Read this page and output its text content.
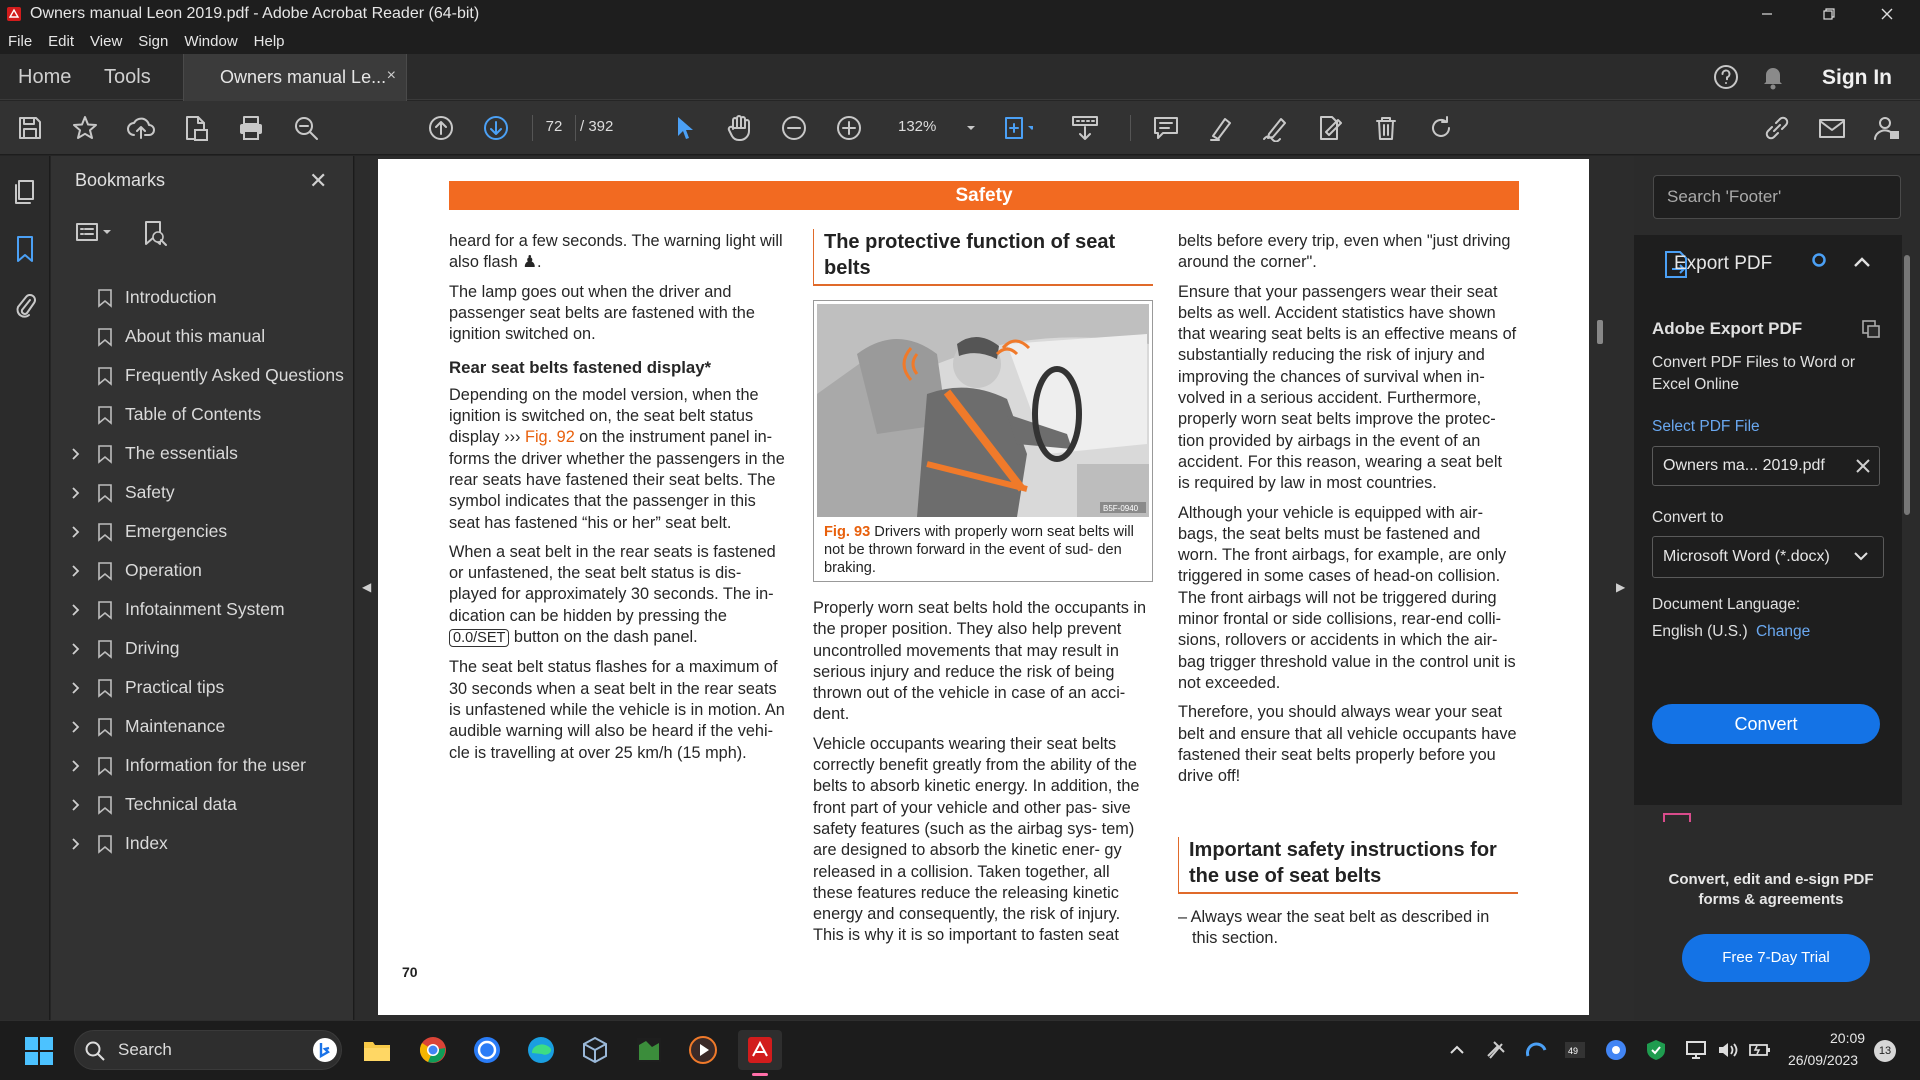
Owners manual Leon 2019.pdf - Adobe Acrobat Reader (64-bit)
File Edit View Sign Window Help
Home Tools	Owners manual Le... ×	Sign In
72	/ 392	132%
Bookmarks	✕
Introduction
About this manual
Frequently Asked Questions
Table of Contents
The essentials
Safety
Emergencies
Operation
Infotainment System
Driving
Practical tips
Maintenance
Information for the user
Technical data
Index
◀	▶
Safety

heard for a few seconds. The warning light will also flash ♟.

The lamp goes out when the driver and passenger seat belts are fastened with the ignition switched on.

Rear seat belts fastened display*

Depending on the model version, when the ignition is switched on, the seat belt status display ››› Fig. 92 on the instrument panel in- forms the driver whether the passengers in the rear seats have fastened their seat belts. The symbol indicates that the passenger in this seat has fastened “his or her” seat belt.

When a seat belt in the rear seats is fastened or unfastened, the seat belt status is dis- played for approximately 30 seconds. The in- dication can be hidden by pressing the 0.0/SET button on the dash panel.

The seat belt status flashes for a maximum of 30 seconds when a seat belt in the rear seats is unfastened while the vehicle is in motion. An audible warning will also be heard if the vehi- cle is travelling at over 25 km/h (15 mph).

The protective function of seat belts
B5F-0940
Fig. 93 Drivers with properly worn seat belts will not be thrown forward in the event of sud- den braking.

Properly worn seat belts hold the occupants in the proper position. They also help prevent uncontrolled movements that may result in serious injury and reduce the risk of being thrown out of the vehicle in case of an acci- dent.

Vehicle occupants wearing their seat belts correctly benefit greatly from the ability of the belts to absorb kinetic energy. In addition, the front part of your vehicle and other pas- sive safety features (such as the airbag sys- tem) are designed to absorb the kinetic ener- gy released in a collision. Taken together, all these features reduce the releasing kinetic energy and consequently, the risk of injury. This is why it is so important to fasten seat

belts before every trip, even when "just driving around the corner".

Ensure that your passengers wear their seat belts as well. Accident statistics have shown that wearing seat belts is an effective means of substantially reducing the risk of injury and improving the chances of survival when in- volved in a serious accident. Furthermore, properly worn seat belts improve the protec- tion provided by airbags in the event of an accident. For this reason, wearing a seat belt is required by law in most countries.

Although your vehicle is equipped with air- bags, the seat belts must be fastened and worn. The front airbags, for example, are only triggered in some cases of head-on collision. The front airbags will not be triggered during minor frontal or side collisions, rear-end colli- sions, rollovers or accidents in which the air- bag trigger threshold value in the control unit is not exceeded.

Therefore, you should always wear your seat belt and ensure that all vehicle occupants have fastened their seat belts properly before you drive off!

Important safety instructions for the use of seat belts
– Always wear the seat belt as described in this section.
70
Search 'Footer'
Export PDF
Adobe Export PDF
Convert PDF Files to Word or Excel Online
Select PDF File
Owners ma... 2019.pdf
Convert to
Microsoft Word (*.docx)
Document Language:
English (U.S.) Change
Convert
Convert, edit and e-sign PDF forms & agreements
Free 7-Day Trial
Search	49
20:09
26/09/2023
13
